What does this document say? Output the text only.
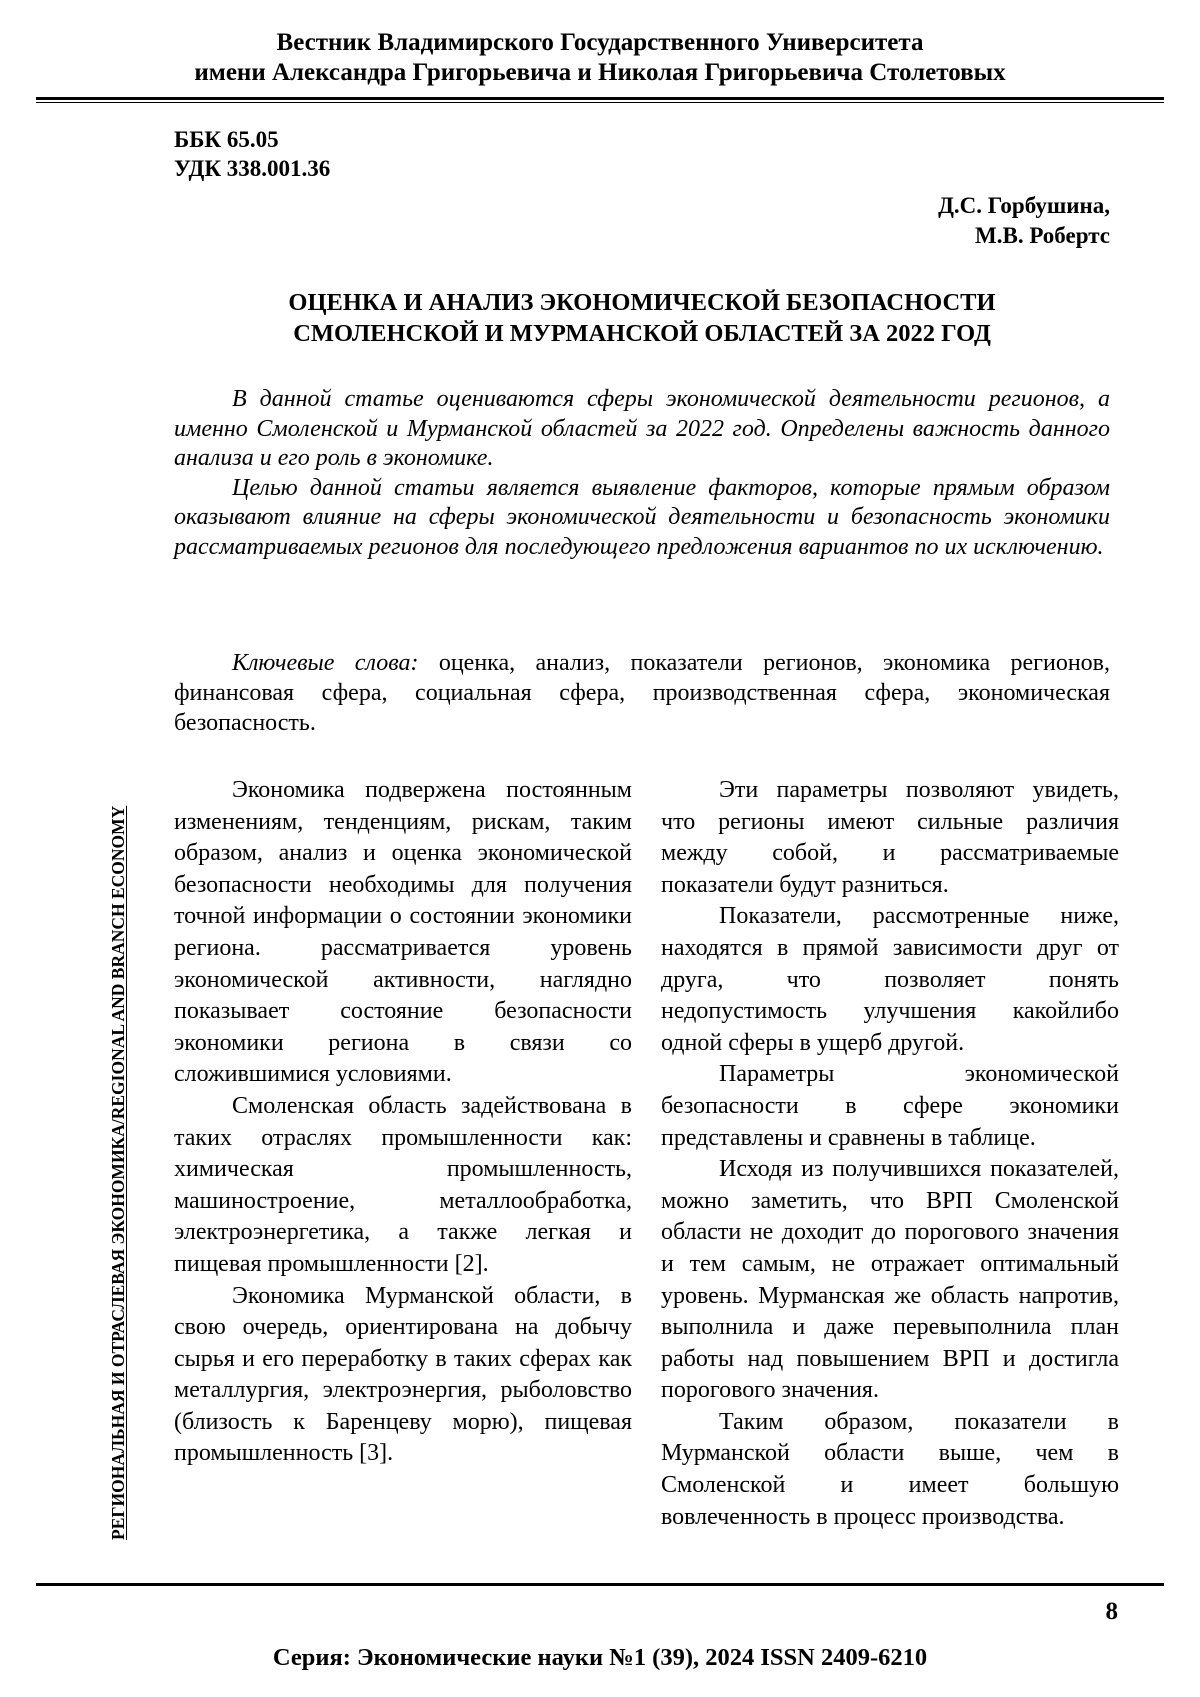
Вестник Владимирского Государственного Университета
имени Александра Григорьевича и Николая Григорьевича Столетовых
РЕГИОНАЛЬНАЯ И ОТРАСЛЕВАЯ ЭКОНОМИКА/REGIONAL AND BRANCH ECONOMY
ББК 65.05
УДК 338.001.36
Д.С. Горбушина,
М.В. Робертс
ОЦЕНКА И АНАЛИЗ ЭКОНОМИЧЕСКОЙ БЕЗОПАСНОСТИ
СМОЛЕНСКОЙ И МУРМАНСКОЙ ОБЛАСТЕЙ ЗА 2022 ГОД

В данной статье оцениваются сферы экономической деятельности регионов, а именно Смоленской и Мурманской областей за 2022 год. Определены важность данного анализа и его роль в экономике.

Целью данной статьи является выявление факторов, которые прямым образом оказывают влияние на сферы экономической деятельности и безопасность экономики рассматриваемых регионов для последующего предложения вариантов по их исключению.

Ключевые слова: оценка, анализ, показатели регионов, экономика регионов, финансовая сфера, социальная сфера, производственная сфера, экономическая безопасность.

Экономика подвержена постоянным изменениям, тенденциям, рискам, таким образом, анализ и оценка экономической безопасности необходимы для получения точной информации о состоянии экономики региона. рассматривается уровень экономической активности, наглядно показывает состояние безопасности экономики региона в связи со сложившимися условиями.

Смоленская область задействована в таких отраслях промышленности как: химическая промышленность, машиностроение, металлообработка, электроэнергетика, а также легкая и пищевая промышленности [2].

Экономика Мурманской области, в свою очередь, ориентирована на добычу сырья и его переработку в таких сферах как металлургия, электроэнергия, рыболовство (близость к Баренцеву морю), пищевая промышленность [3].

Эти параметры позволяют увидеть, что регионы имеют сильные различия между собой, и рассматриваемые показатели будут разниться.

Показатели, рассмотренные ниже, находятся в прямой зависимости друг от друга, что позволяет понять недопустимость улучшения какойлибо одной сферы в ущерб другой.

Параметры экономической безопасности в сфере экономики представлены и сравнены в таблице.

Исходя из получившихся показателей, можно заметить, что ВРП Смоленской области не доходит до порогового значения и тем самым, не отражает оптимальный уровень. Мурманская же область напротив, выполнила и даже перевыполнила план работы над повышением ВРП и достигла порогового значения.

Таким образом, показатели в Мурманской области выше, чем в Смоленской и имеет большую вовлеченность в процесс производства.

8
Серия: Экономические науки №1 (39), 2024 ISSN 2409-6210
